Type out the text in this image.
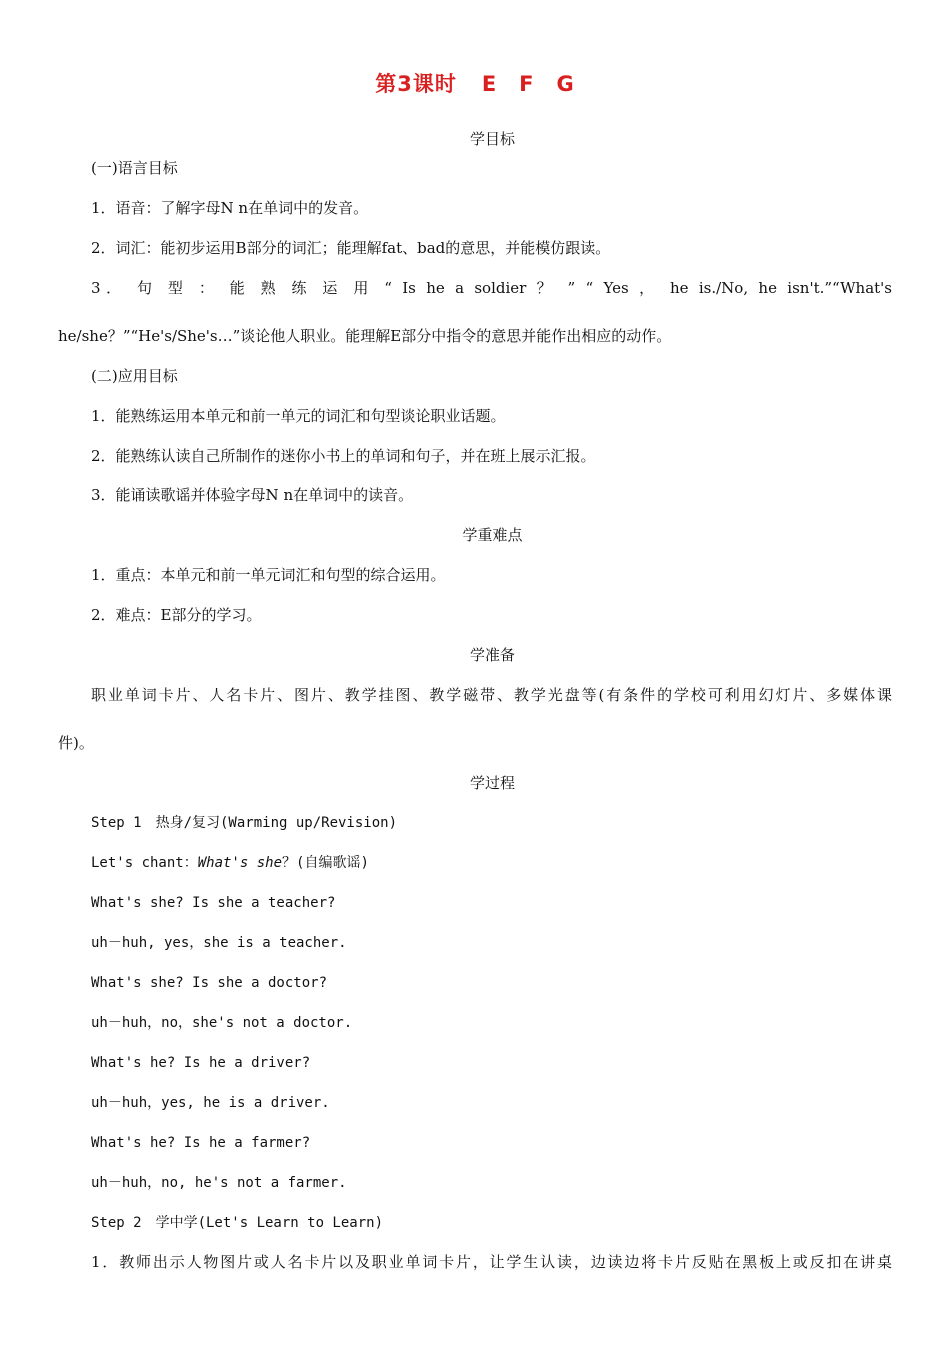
第3课时 E　F　G
学目标
(一)语言目标
1．语音：了解字母N n在单词中的发音。
2．词汇：能初步运用B部分的词汇；能理解fat、bad的意思，并能模仿跟读。
3． 句 型 ： 能 熟 练 运 用 “ Is he a soldier ？ ” “ Yes ， he is./No, he isn't.”“What's
he/she？”“He's/She's…”谈论他人职业。能理解E部分中指令的意思并能作出相应的动作。
(二)应用目标
1．能熟练运用本单元和前一单元的词汇和句型谈论职业话题。
2．能熟练认读自己所制作的迷你小书上的单词和句子，并在班上展示汇报。
3．能诵读歌谣并体验字母N n在单词中的读音。
学重难点
1．重点：本单元和前一单元词汇和句型的综合运用。
2．难点：E部分的学习。
学准备
职业单词卡片、人名卡片、图片、教学挂图、教学磁带、教学光盘等(有条件的学校可利用幻灯片、多媒体课
件)。
学过程
Step 1　热身/复习(Warming up/Revision)
Let's chant：What's she？(自编歌谣)
What's she? Is she a teacher?
uh－huh, yes，she is a teacher.
What's she? Is she a doctor?
uh－huh，no，she's not a doctor.
What's he? Is he a driver?
uh－huh，yes, he is a driver.
What's he? Is he a farmer?
uh－huh，no, he's not a farmer.
Step 2　学中学(Let's Learn to Learn)
1．教师出示人物图片或人名卡片以及职业单词卡片，让学生认读，边读边将卡片反贴在黑板上或反扣在讲桌
